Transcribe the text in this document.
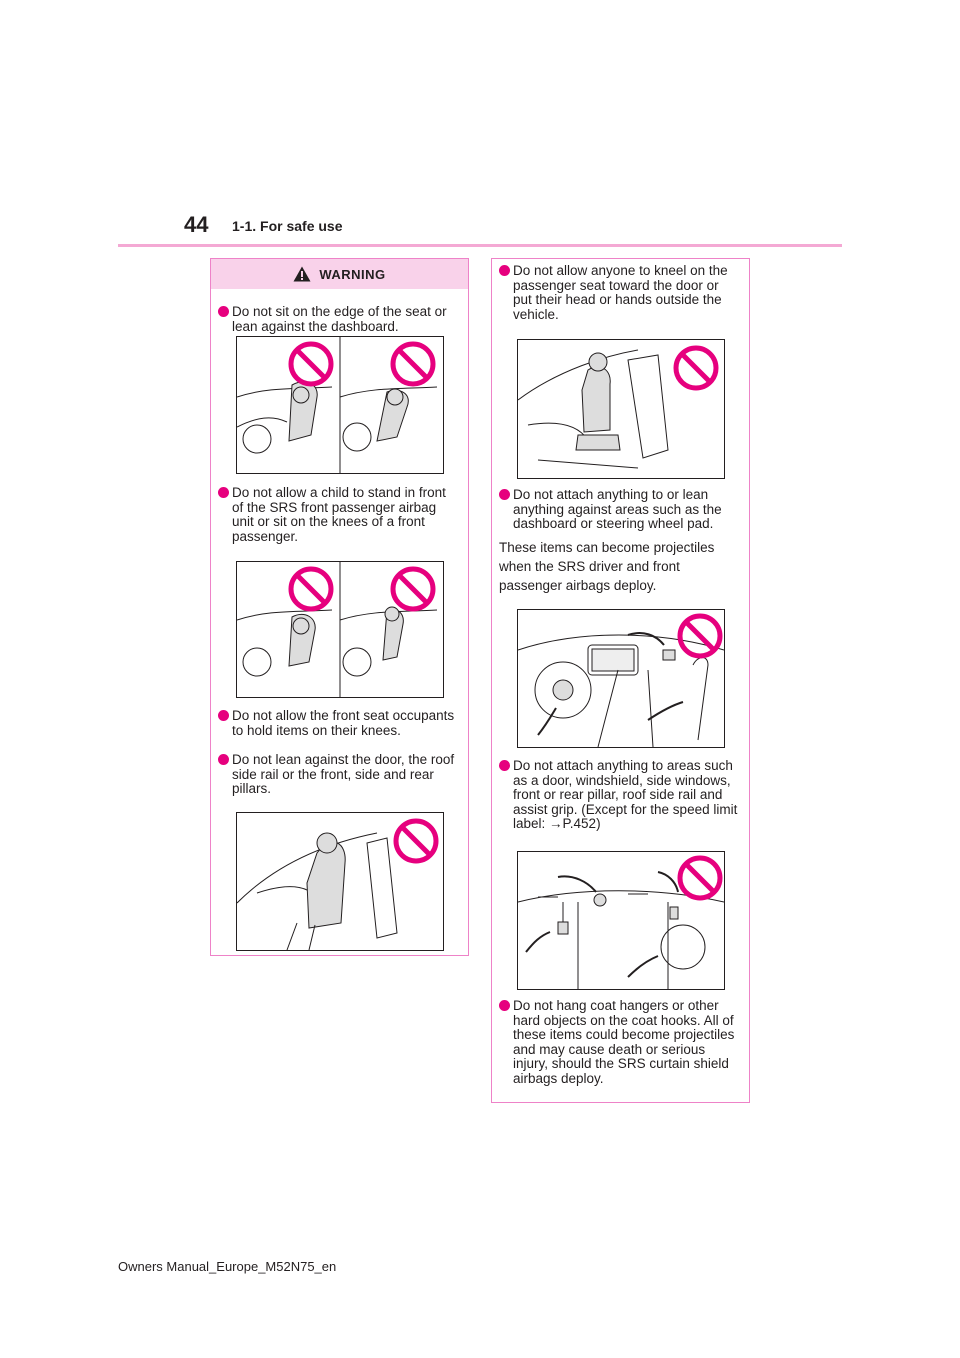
44 1-1. For safe use
WARNING
Do not sit on the edge of the seat or lean against the dashboard.
Do not allow a child to stand in front of the SRS front passenger airbag unit or sit on the knees of a front passenger.
Do not allow the front seat occupants to hold items on their knees.
Do not lean against the door, the roof side rail or the front, side and rear pillars.
Do not allow anyone to kneel on the passenger seat toward the door or put their head or hands outside the vehicle.
Do not attach anything to or lean anything against areas such as the dashboard or steering wheel pad.
These items can become projectiles when the SRS driver and front passenger airbags deploy.
Do not attach anything to areas such as a door, windshield, side windows, front or rear pillar, roof side rail and assist grip. (Except for the speed limit label: →P.452)
Do not hang coat hangers or other hard objects on the coat hooks. All of these items could become projectiles and may cause death or serious injury, should the SRS curtain shield airbags deploy.
Owners Manual_Europe_M52N75_en
